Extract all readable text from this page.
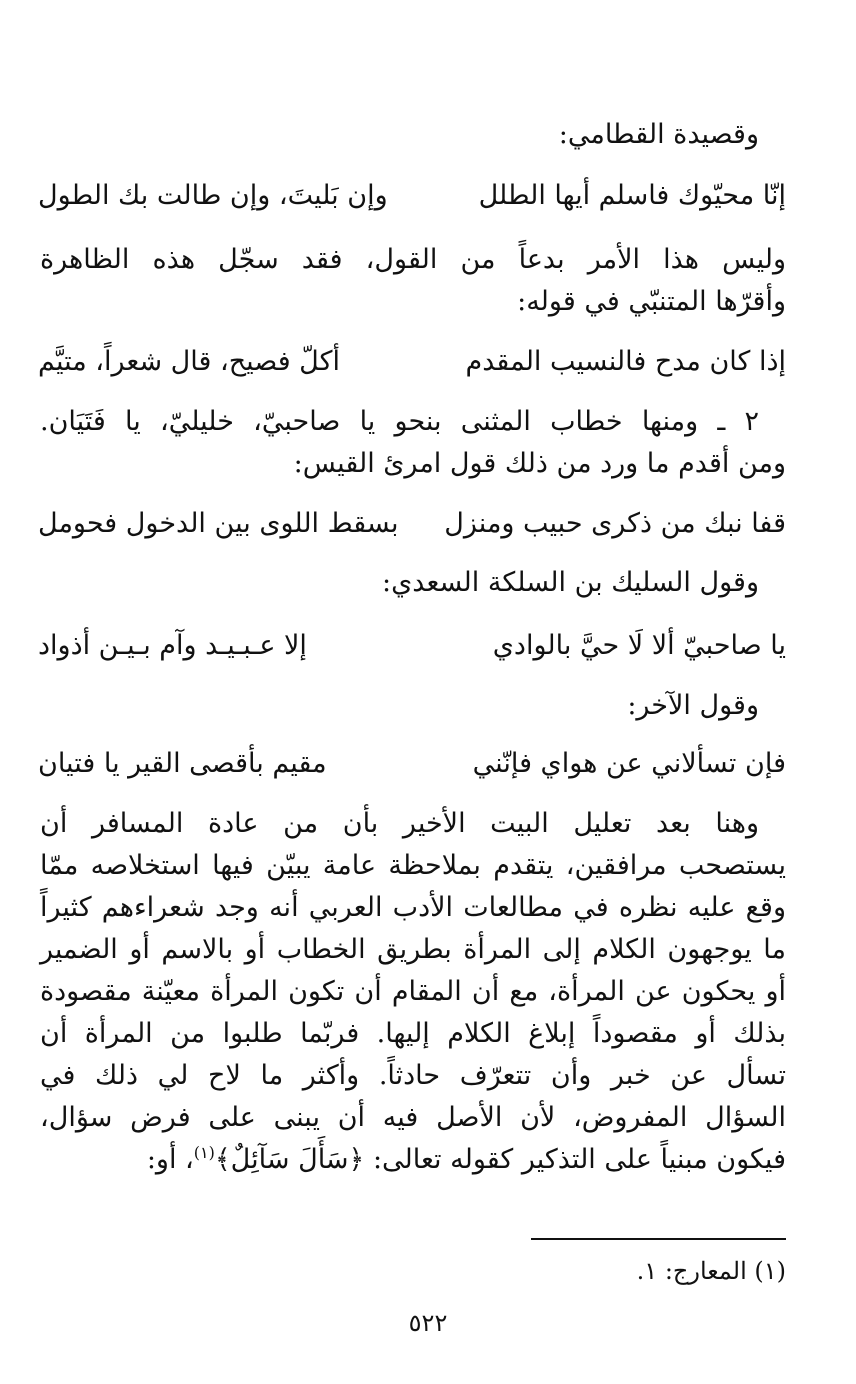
وقصيدة القطامي:
إنّا محيّوك فاسلم أيها الطلل
وإن بَليتَ، وإن طالت بك الطول
وليس هذا الأمر بدعاً من القول، فقد سجّل هذه الظاهرة
وأقرّها المتنبّي في قوله:
إذا كان مدح فالنسيب المقدم
أكلّ فصيح، قال شعراً، متيَّم
٢ ـ ومنها خطاب المثنى بنحو يا صاحبيّ، خليليّ، يا فَتَيَان.
ومن أقدم ما ورد من ذلك قول امرئ القيس:
قفا نبك من ذكرى حبيب ومنزل
بسقط اللوى بين الدخول فحومل
وقول السليك بن السلكة السعدي:
يا صاحبيّ ألا لَا حيَّ بالوادي
إلا عـبـيـد وآم بـيـن أذواد
وقول الآخر:
فإن تسألاني عن هواي فإنّني
مقيم بأقصى القير يا فتيان
وهنا بعد تعليل البيت الأخير بأن من عادة المسافر أن
يستصحب مرافقين، يتقدم بملاحظة عامة يبيّن فيها استخلاصه ممّا
وقع عليه نظره في مطالعات الأدب العربي أنه وجد شعراءهم كثيراً
ما يوجهون الكلام إلى المرأة بطريق الخطاب أو بالاسم أو الضمير
أو يحكون عن المرأة، مع أن المقام أن تكون المرأة معيّنة مقصودة
بذلك أو مقصوداً إبلاغ الكلام إليها. فربّما طلبوا من المرأة أن
تسأل عن خبر وأن تتعرّف حادثاً. وأكثر ما لاح لي ذلك في
السؤال المفروض، لأن الأصل فيه أن يبنى على فرض سؤال،
فيكون مبنياً على التذكير كقوله تعالى: ﴿سَأَلَ سَآئِلٌ﴾$^{(١)}$، أو:
(١) المعارج: ١.
٥٢٢
